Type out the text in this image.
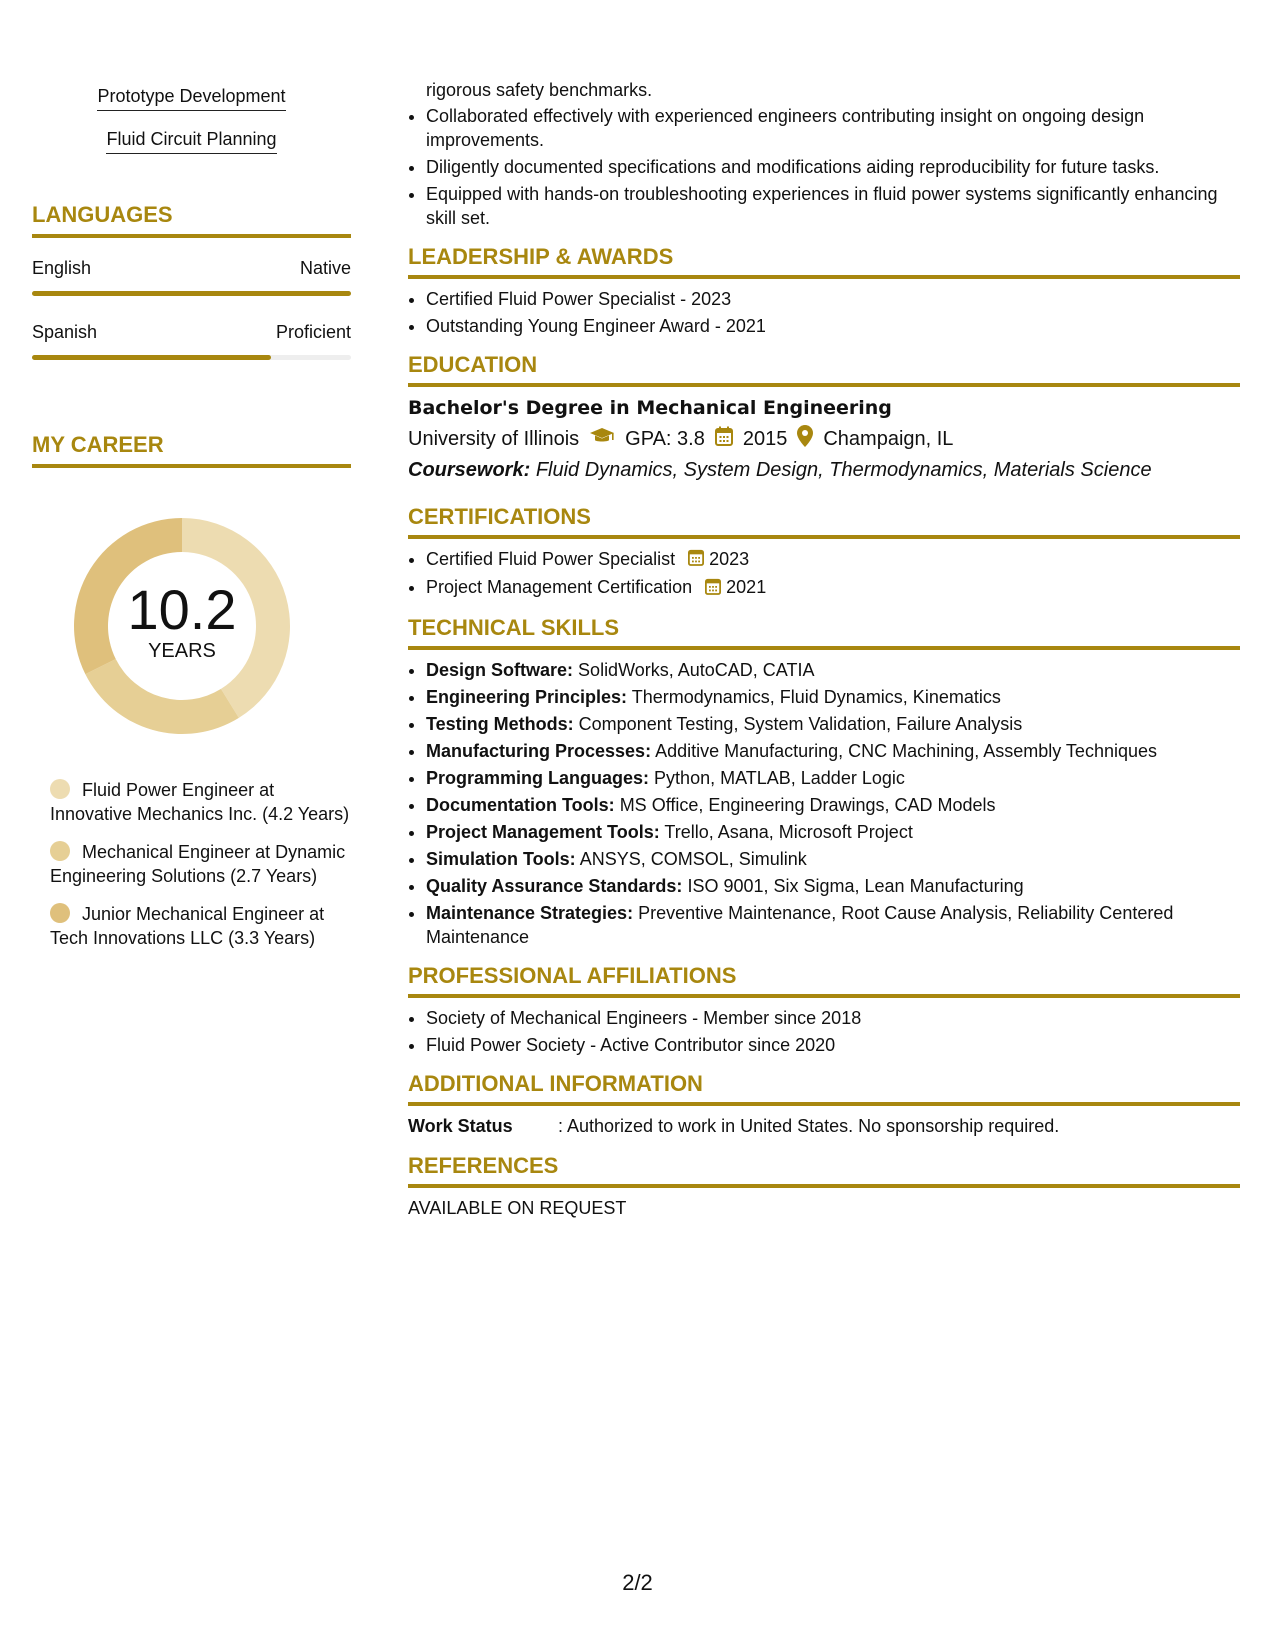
Prototype Development
Fluid Circuit Planning
LANGUAGES
English	Native
Spanish	Proficient
MY CAREER
10.2
YEARS
Fluid Power Engineer at Innovative Mechanics Inc. (4.2 Years)
Mechanical Engineer at Dynamic Engineering Solutions (2.7 Years)
Junior Mechanical Engineer at Tech Innovations LLC (3.3 Years)
rigorous safety benchmarks.
• Collaborated effectively with experienced engineers contributing insight on ongoing design improvements.
• Diligently documented specifications and modifications aiding reproducibility for future tasks.
• Equipped with hands-on troubleshooting experiences in fluid power systems significantly enhancing skill set.
LEADERSHIP & AWARDS
• Certified Fluid Power Specialist - 2023
• Outstanding Young Engineer Award - 2021
EDUCATION
Bachelor's Degree in Mechanical Engineering
University of Illinois GPA: 3.8 2015 Champaign, IL
Coursework: Fluid Dynamics, System Design, Thermodynamics, Materials Science
CERTIFICATIONS
• Certified Fluid Power Specialist 2023
• Project Management Certification 2021
TECHNICAL SKILLS
• Design Software: SolidWorks, AutoCAD, CATIA
• Engineering Principles: Thermodynamics, Fluid Dynamics, Kinematics
• Testing Methods: Component Testing, System Validation, Failure Analysis
• Manufacturing Processes: Additive Manufacturing, CNC Machining, Assembly Techniques
• Programming Languages: Python, MATLAB, Ladder Logic
• Documentation Tools: MS Office, Engineering Drawings, CAD Models
• Project Management Tools: Trello, Asana, Microsoft Project
• Simulation Tools: ANSYS, COMSOL, Simulink
• Quality Assurance Standards: ISO 9001, Six Sigma, Lean Manufacturing
• Maintenance Strategies: Preventive Maintenance, Root Cause Analysis, Reliability Centered Maintenance
PROFESSIONAL AFFILIATIONS
• Society of Mechanical Engineers - Member since 2018
• Fluid Power Society - Active Contributor since 2020
ADDITIONAL INFORMATION
Work Status	: Authorized to work in United States. No sponsorship required.
REFERENCES
AVAILABLE ON REQUEST
2/2
